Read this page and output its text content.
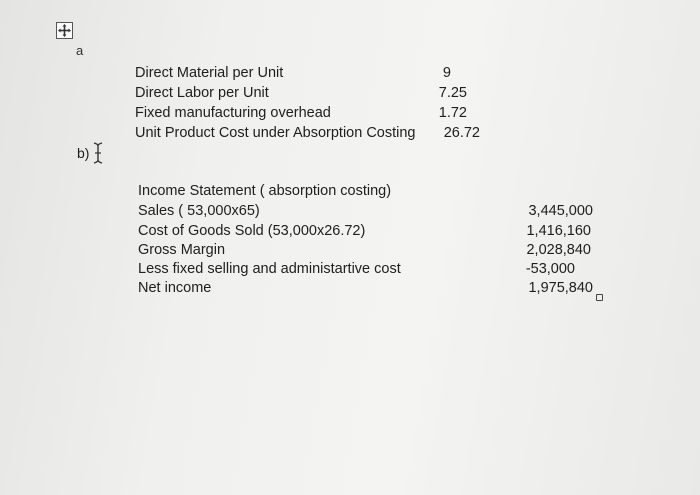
a
Direct Material per Unit	9
Direct Labor per Unit	7.25
Fixed manufacturing overhead	1.72
Unit Product Cost under Absorption Costing 26.72
b)
Income Statement ( absorption costing)
Sales ( 53,000x65)	3,445,000
Cost of Goods Sold (53,000x26.72)	1,416,160
Gross Margin	2,028,840
Less fixed selling and administartive cost	-53,000
Net income	1,975,840
